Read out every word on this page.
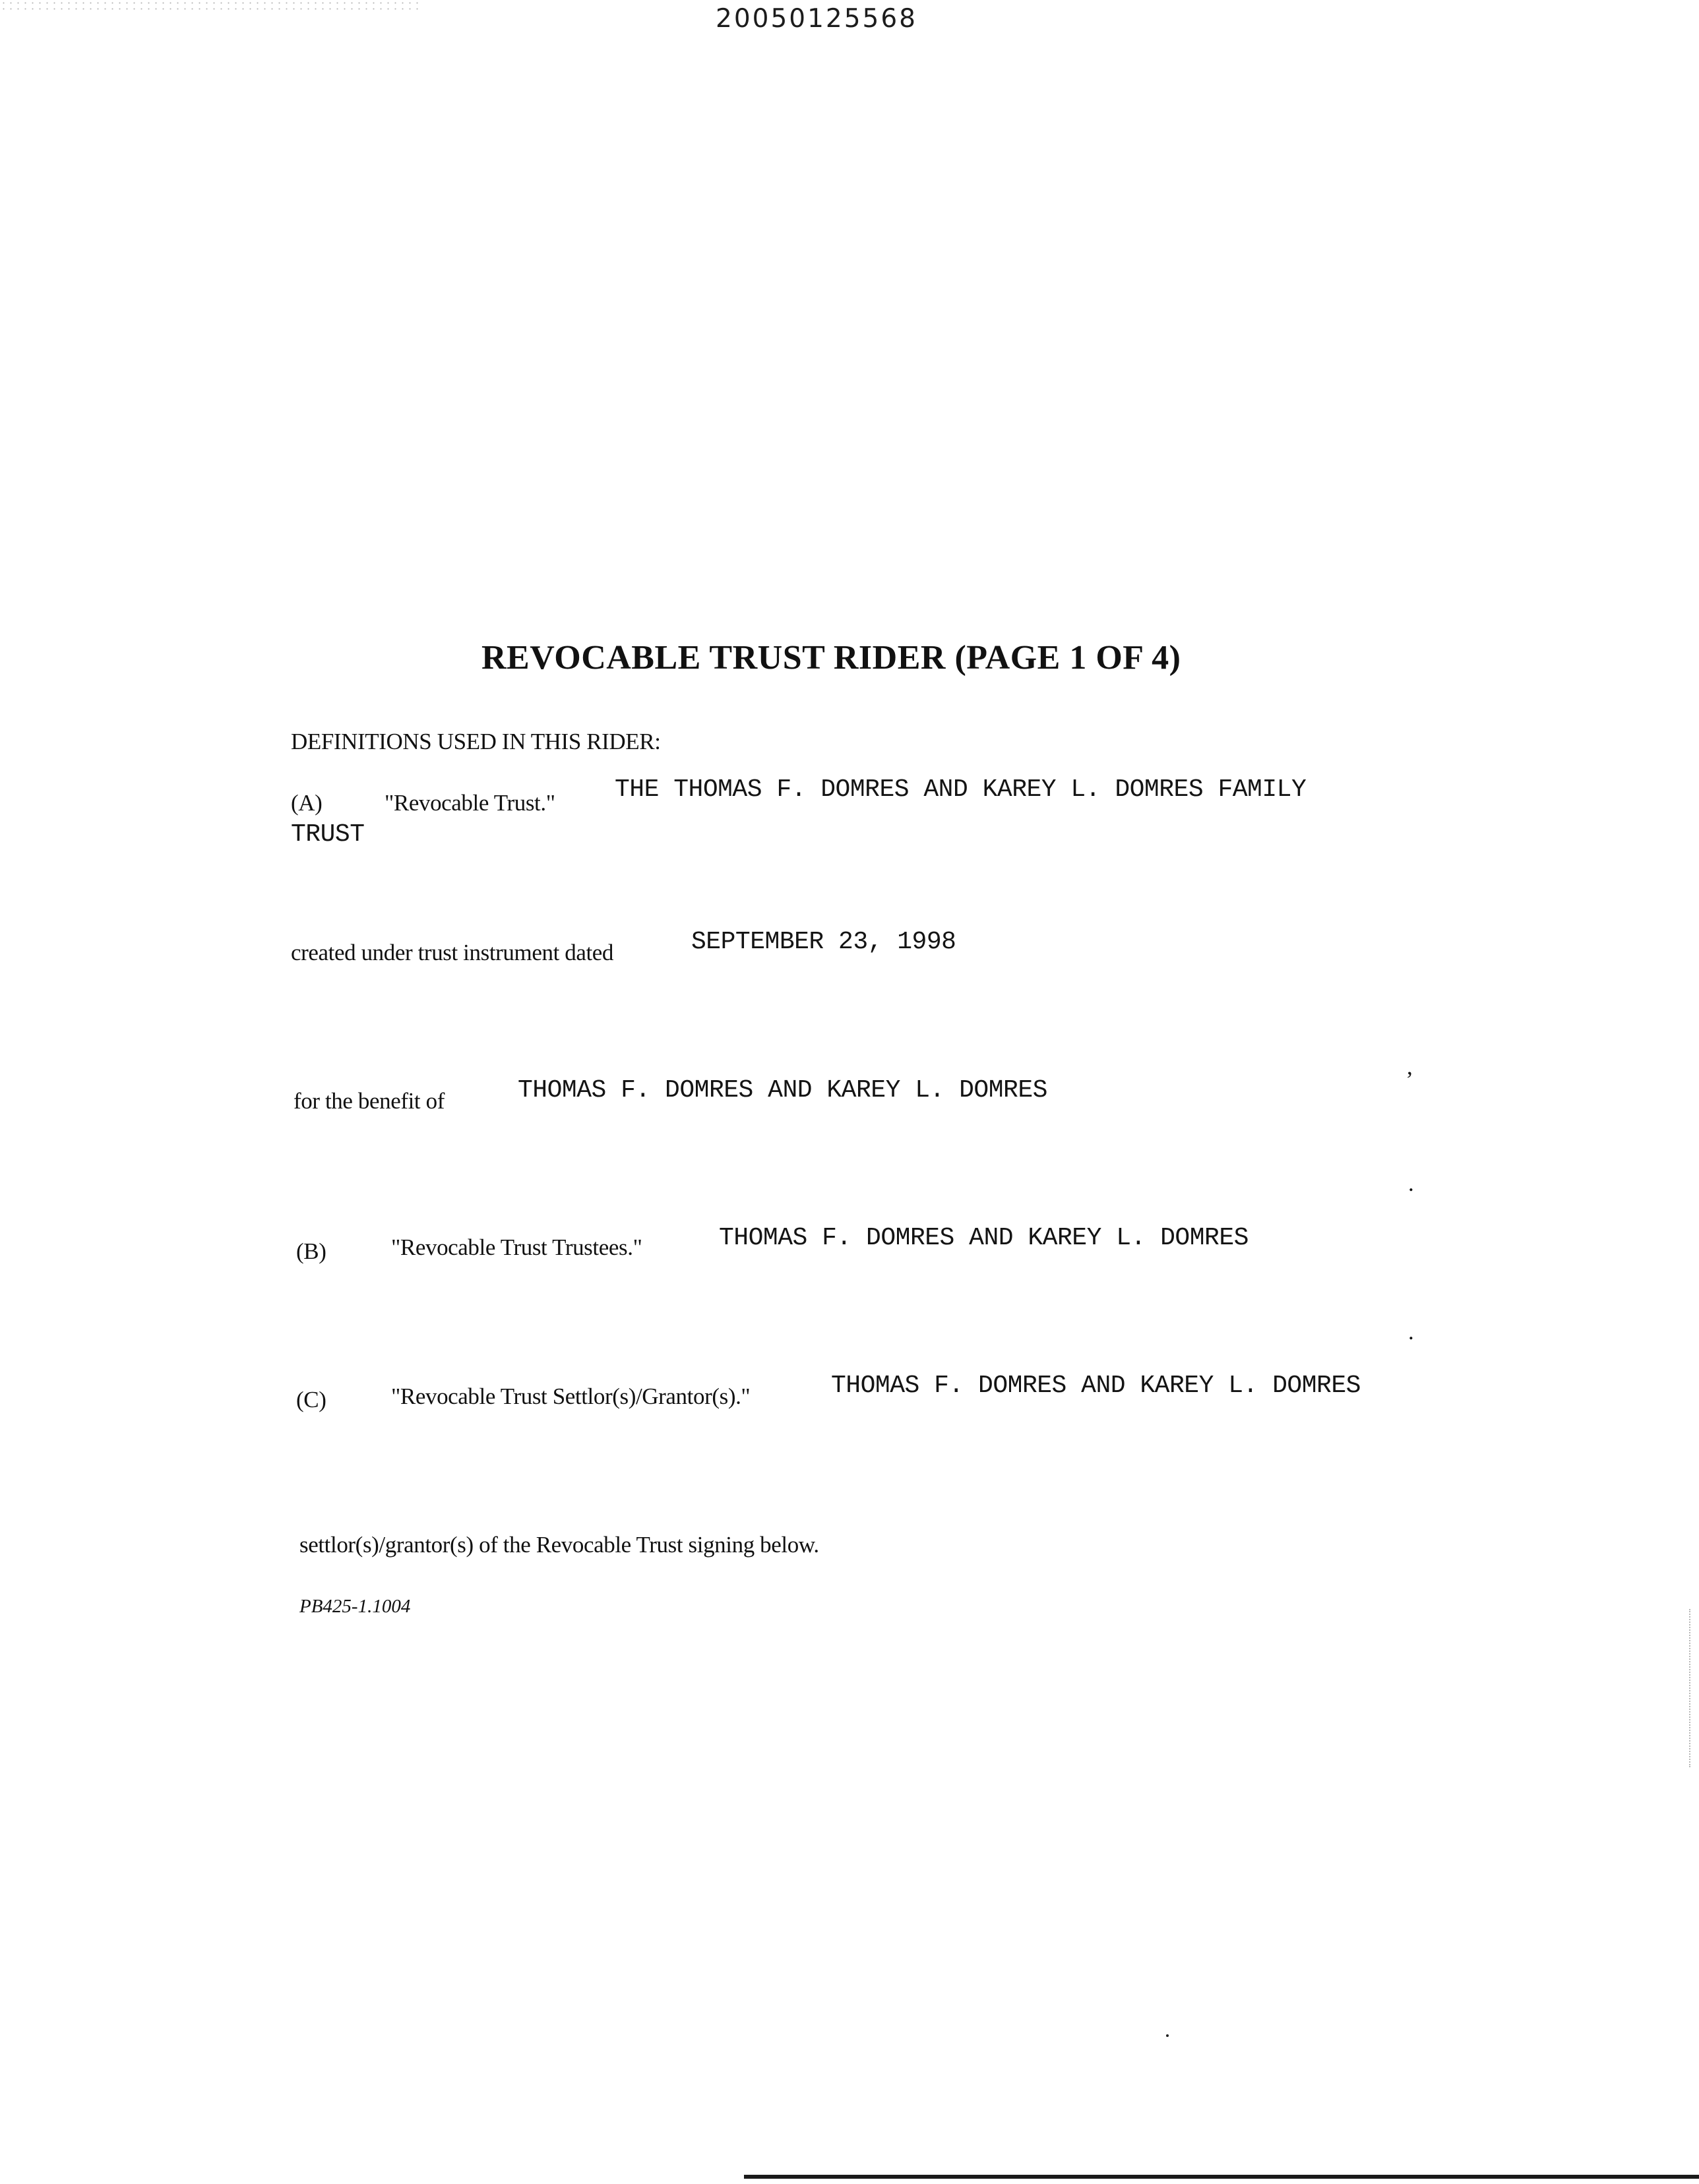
20050125568
REVOCABLE TRUST RIDER (PAGE 1 OF 4)
DEFINITIONS USED IN THIS RIDER:
(A)	"Revocable Trust." THE THOMAS F. DOMRES AND KAREY L. DOMRES FAMILY
TRUST
created under trust instrument dated	SEPTEMBER 23, 1998
for the benefit of	THOMAS F. DOMRES AND KAREY L. DOMRES
,
.
(B)	"Revocable Trust Trustees."	THOMAS F. DOMRES AND KAREY L. DOMRES
.
(C)	"Revocable Trust Settlor(s)/Grantor(s)."	THOMAS F. DOMRES AND KAREY L. DOMRES
settlor(s)/grantor(s) of the Revocable Trust signing below.
PB425-1.1004
